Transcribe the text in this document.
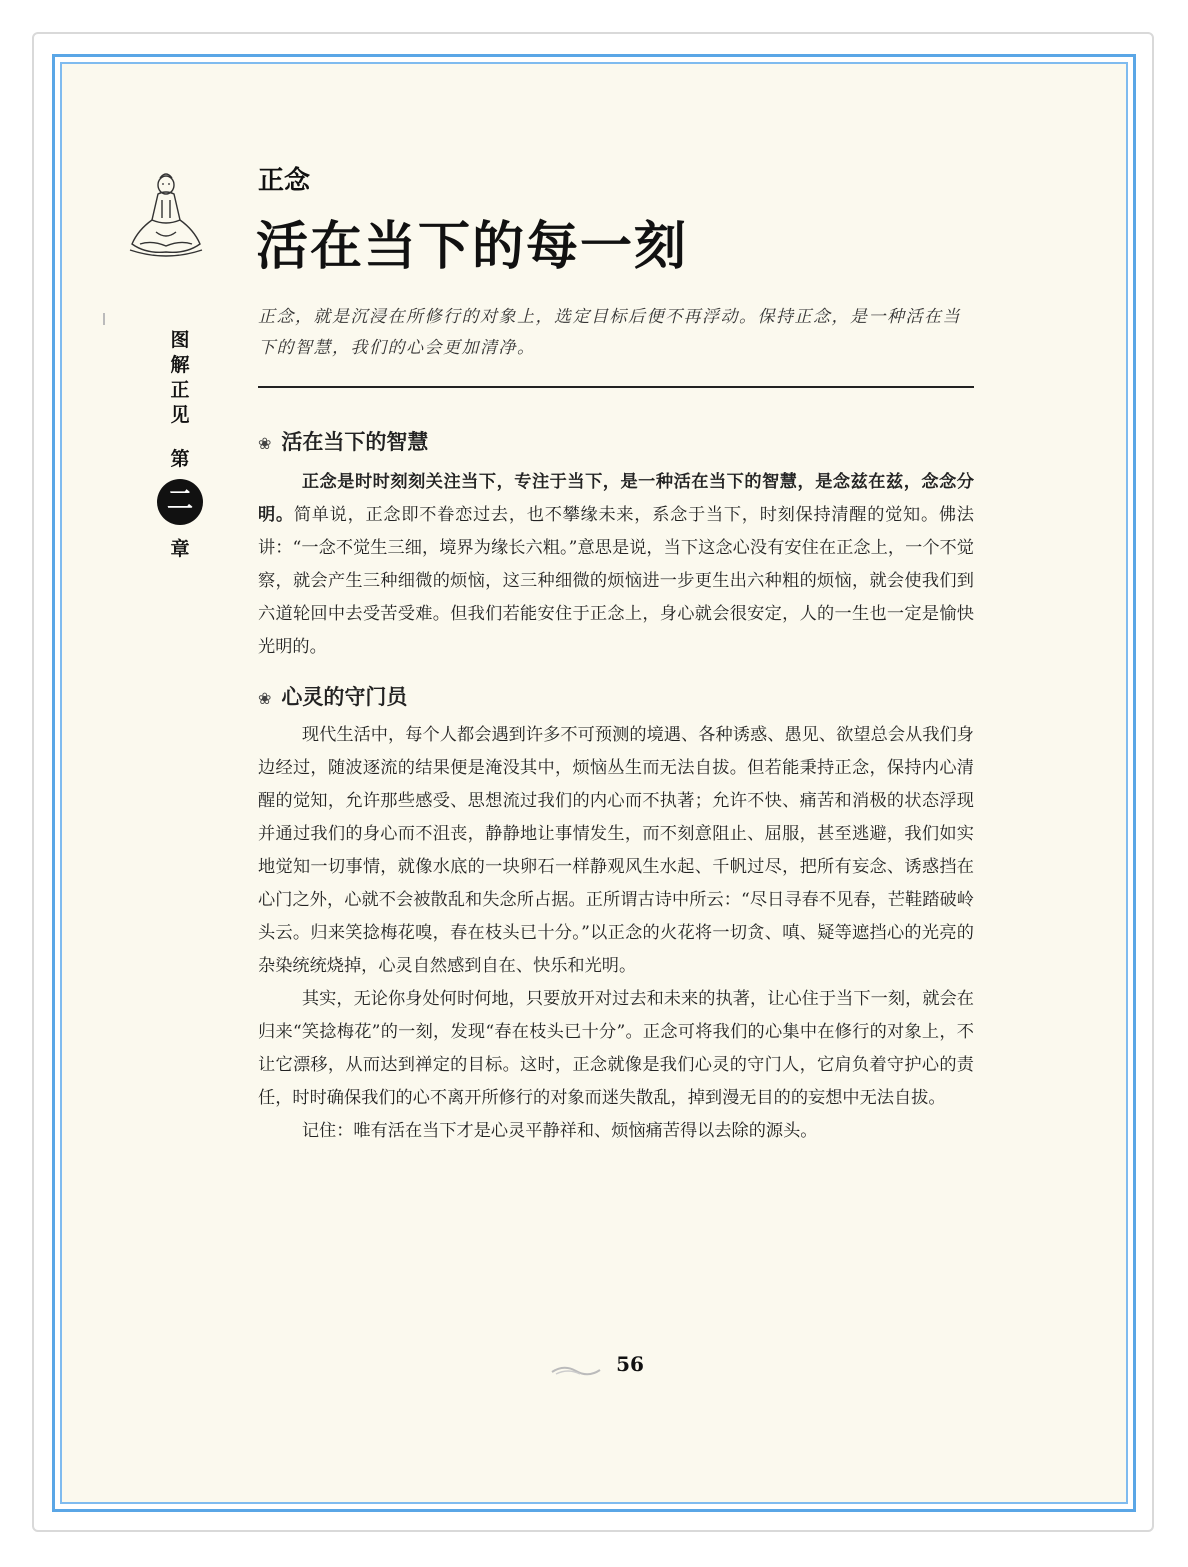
图
解
正
见
第
二
章
正念
活在当下的每一刻
正念，就是沉浸在所修行的对象上，选定目标后便不再浮动。保持正念，是一种活在当下的智慧，我们的心会更加清净。
❀ 活在当下的智慧

正念是时时刻刻关注当下，专注于当下，是一种活在当下的智慧，是念兹在兹，念念分明。简单说，正念即不眷恋过去，也不攀缘未来，系念于当下，时刻保持清醒的觉知。佛法讲：“一念不觉生三细，境界为缘长六粗。”意思是说，当下这念心没有安住在正念上，一个不觉察，就会产生三种细微的烦恼，这三种细微的烦恼进一步更生出六种粗的烦恼，就会使我们到六道轮回中去受苦受难。但我们若能安住于正念上，身心就会很安定，人的一生也一定是愉快光明的。

❀ 心灵的守门员

现代生活中，每个人都会遇到许多不可预测的境遇、各种诱惑、愚见、欲望总会从我们身边经过，随波逐流的结果便是淹没其中，烦恼丛生而无法自拔。但若能秉持正念，保持内心清醒的觉知，允许那些感受、思想流过我们的内心而不执著；允许不快、痛苦和消极的状态浮现并通过我们的身心而不沮丧，静静地让事情发生，而不刻意阻止、屈服，甚至逃避，我们如实地觉知一切事情，就像水底的一块卵石一样静观风生水起、千帆过尽，把所有妄念、诱惑挡在心门之外，心就不会被散乱和失念所占据。正所谓古诗中所云：“尽日寻春不见春，芒鞋踏破岭头云。归来笑捻梅花嗅，春在枝头已十分。”以正念的火花将一切贪、嗔、疑等遮挡心的光亮的杂染统统烧掉，心灵自然感到自在、快乐和光明。

其实，无论你身处何时何地，只要放开对过去和未来的执著，让心住于当下一刻，就会在归来“笑捻梅花”的一刻，发现“春在枝头已十分”。正念可将我们的心集中在修行的对象上，不让它漂移，从而达到禅定的目标。这时，正念就像是我们心灵的守门人，它肩负着守护心的责任，时时确保我们的心不离开所修行的对象而迷失散乱，掉到漫无目的的妄想中无法自拔。

记住：唯有活在当下才是心灵平静祥和、烦恼痛苦得以去除的源头。

56
